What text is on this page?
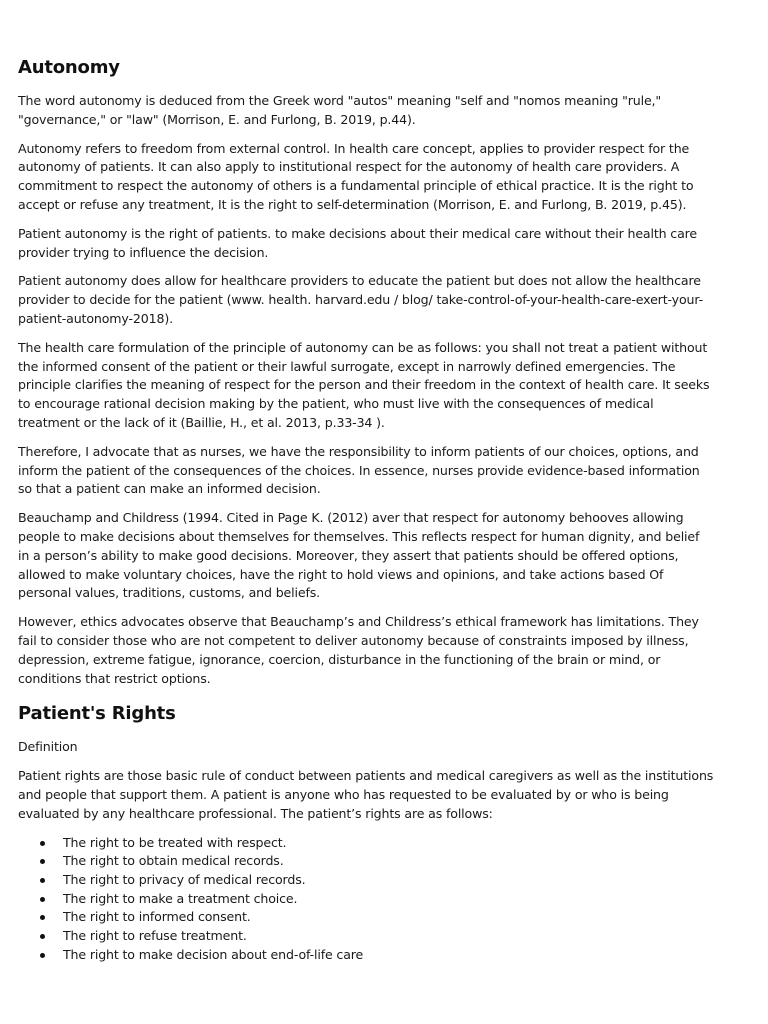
Autonomy

The word autonomy is deduced from the Greek word "autos" meaning "self and "nomos meaning "rule," "governance," or "law" (Morrison, E. and Furlong, B. 2019, p.44).

Autonomy refers to freedom from external control. In health care concept, applies to provider respect for the autonomy of patients. It can also apply to institutional respect for the autonomy of health care providers. A commitment to respect the autonomy of others is a fundamental principle of ethical practice. It is the right to accept or refuse any treatment, It is the right to self-determination (Morrison, E. and Furlong, B. 2019, p.45).

Patient autonomy is the right of patients. to make decisions about their medical care without their health care provider trying to influence the decision.

Patient autonomy does allow for healthcare providers to educate the patient but does not allow the healthcare provider to decide for the patient (www. health. harvard.edu / blog/ take-control-of-your-health-care-exert-your-patient-autonomy-2018).

The health care formulation of the principle of autonomy can be as follows: you shall not treat a patient without the informed consent of the patient or their lawful surrogate, except in narrowly defined emergencies. The principle clarifies the meaning of respect for the person and their freedom in the context of health care. It seeks to encourage rational decision making by the patient, who must live with the consequences of medical treatment or the lack of it (Baillie, H., et al. 2013, p.33-34 ).

Therefore, I advocate that as nurses, we have the responsibility to inform patients of our choices, options, and inform the patient of the consequences of the choices. In essence, nurses provide evidence-based information so that a patient can make an informed decision.

Beauchamp and Childress (1994. Cited in Page K. (2012) aver that respect for autonomy behooves allowing people to make decisions about themselves for themselves. This reflects respect for human dignity, and belief in a person’s ability to make good decisions. Moreover, they assert that patients should be offered options, allowed to make voluntary choices, have the right to hold views and opinions, and take actions based Of personal values, traditions, customs, and beliefs.

However, ethics advocates observe that Beauchamp’s and Childress’s ethical framework has limitations. They fail to consider those who are not competent to deliver autonomy because of constraints imposed by illness, depression, extreme fatigue, ignorance, coercion, disturbance in the functioning of the brain or mind, or conditions that restrict options.

Patient's Rights

Definition

Patient rights are those basic rule of conduct between patients and medical caregivers as well as the institutions and people that support them. A patient is anyone who has requested to be evaluated by or who is being evaluated by any healthcare professional. The patient’s rights are as follows:

The right to be treated with respect.
The right to obtain medical records.
The right to privacy of medical records.
The right to make a treatment choice.
The right to informed consent.
The right to refuse treatment.
The right to make decision about end-of-life care
